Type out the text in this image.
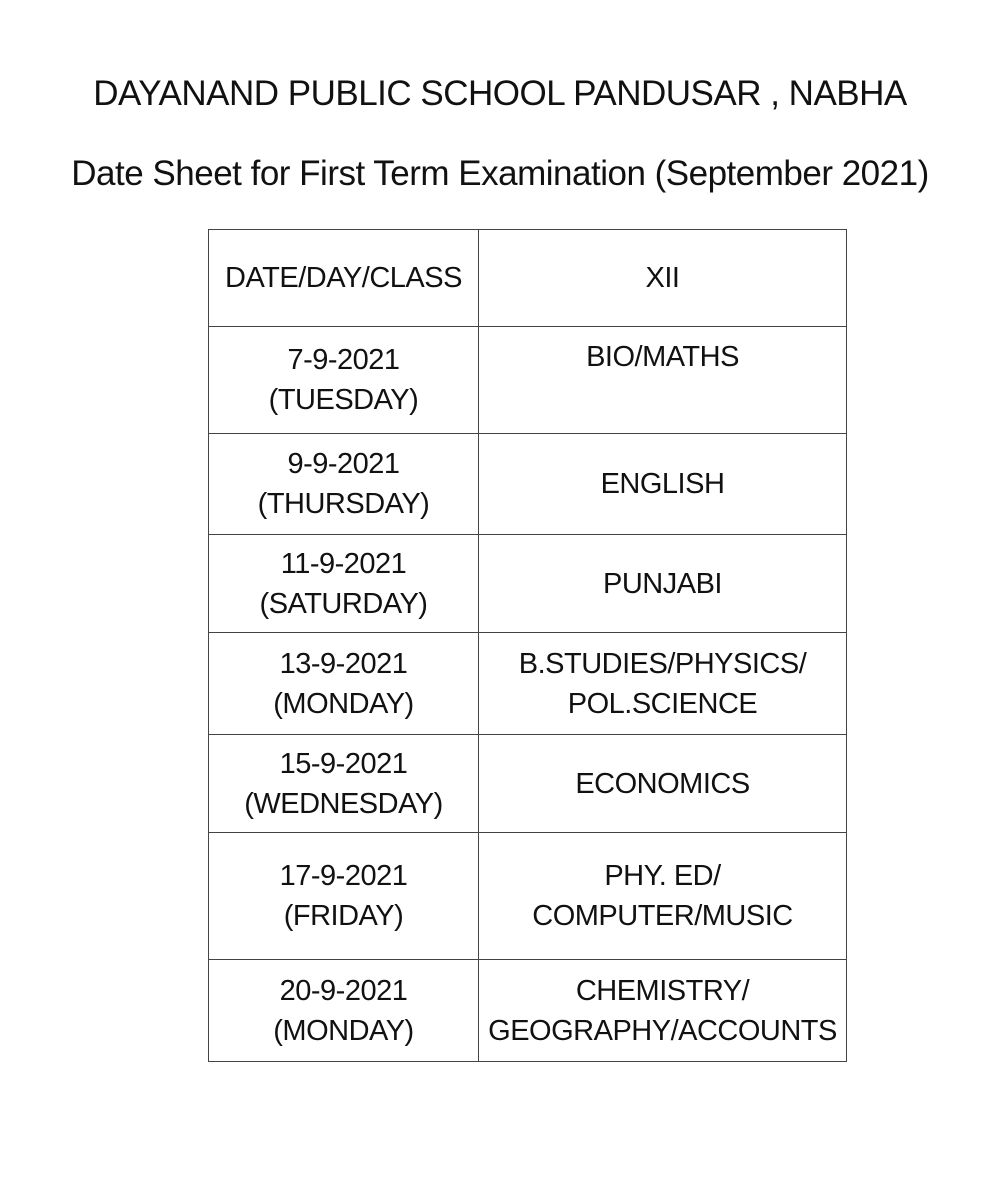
DAYANAND PUBLIC SCHOOL PANDUSAR , NABHA
Date Sheet for First Term Examination (September 2021)
DATE/DAY/CLASS	XII

7-9-2021
(TUESDAY)	BIO/MATHS

9-9-2021
(THURSDAY)	ENGLISH

11-9-2021
(SATURDAY)	PUNJABI

13-9-2021
(MONDAY)	B.STUDIES/PHYSICS/
POL.SCIENCE

15-9-2021
(WEDNESDAY)	ECONOMICS

17-9-2021
(FRIDAY)	PHY. ED/
COMPUTER/MUSIC

20-9-2021
(MONDAY)	CHEMISTRY/
GEOGRAPHY/ACCOUNTS
